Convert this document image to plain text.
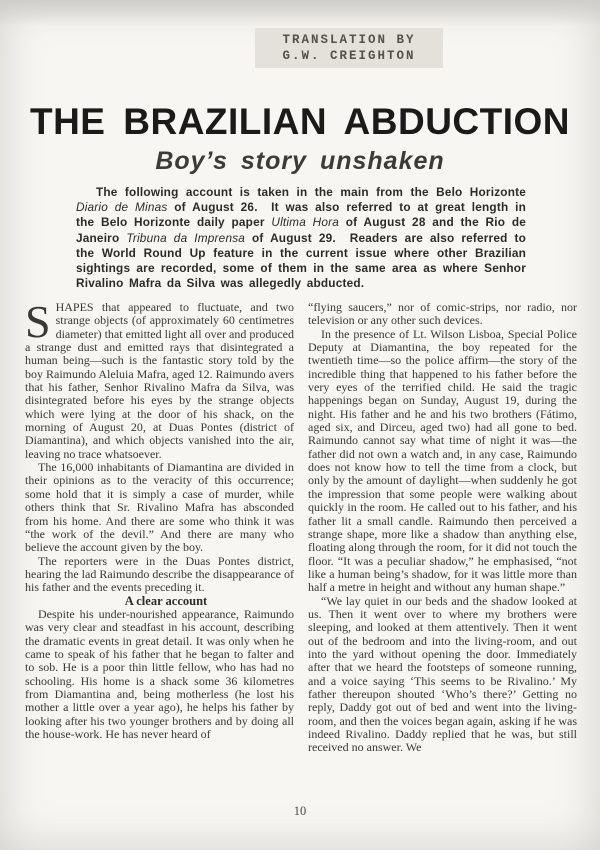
TRANSLATION BY
G.W. CREIGHTON
THE BRAZILIAN ABDUCTION
Boy’s story unshaken
The following account is taken in the main from the Belo Horizonte Diario de Minas of August 26.  It was also referred to at great length in the Belo Horizonte daily paper Ultima Hora of August 28 and the Rio de Janeiro Tribuna da Imprensa of August 29.  Readers are also referred to the World Round Up feature in the current issue where other Brazilian sightings are recorded, some of them in the same area as where Senhor Rivalino Mafra da Silva was allegedly abducted.

SHAPES that appeared to fluctuate, and two strange objects (of approximately 60 centimetres diameter) that emitted light all over and produced a strange dust and emitted rays that disintegrated a human being—such is the fantastic story told by the boy Raimundo Aleluia Mafra, aged 12. Raimundo avers that his father, Senhor Rivalino Mafra da Silva, was disintegrated before his eyes by the strange objects which were lying at the door of his shack, on the morning of August 20, at Duas Pontes (district of Diamantina), and which objects vanished into the air, leaving no trace whatsoever.

The 16,000 inhabitants of Diamantina are divided in their opinions as to the veracity of this occurrence; some hold that it is simply a case of murder, while others think that Sr. Rivalino Mafra has absconded from his home. And there are some who think it was “the work of the devil.” And there are many who believe the account given by the boy.

The reporters were in the Duas Pontes district, hearing the lad Raimundo describe the disappearance of his father and the events preceding it.

A clear account

Despite his under-nourished appearance, Raimundo was very clear and steadfast in his account, describing the dramatic events in great detail. It was only when he came to speak of his father that he began to falter and to sob. He is a poor thin little fellow, who has had no schooling. His home is a shack some 36 kilometres from Diamantina and, being motherless (he lost his mother a little over a year ago), he helps his father by looking after his two younger brothers and by doing all the house-work. He has never heard of

“flying saucers,” nor of comic-strips, nor radio, nor television or any other such devices.

In the presence of Lt. Wilson Lisboa, Special Police Deputy at Diamantina, the boy repeated for the twentieth time—so the police affirm—the story of the incredible thing that happened to his father before the very eyes of the terrified child. He said the tragic happenings began on Sunday, August 19, during the night. His father and he and his two brothers (Fátimo, aged six, and Dirceu, aged two) had all gone to bed. Raimundo cannot say what time of night it was—the father did not own a watch and, in any case, Raimundo does not know how to tell the time from a clock, but only by the amount of daylight—when suddenly he got the impression that some people were walking about quickly in the room. He called out to his father, and his father lit a small candle. Raimundo then perceived a strange shape, more like a shadow than anything else, floating along through the room, for it did not touch the floor. “It was a peculiar shadow,” he emphasised, “not like a human being’s shadow, for it was little more than half a metre in height and without any human shape.”

“We lay quiet in our beds and the shadow looked at us. Then it went over to where my brothers were sleeping, and looked at them attentively. Then it went out of the bedroom and into the living-room, and out into the yard without opening the door. Immediately after that we heard the footsteps of someone running, and a voice saying ‘This seems to be Rivalino.’ My father thereupon shouted ‘Who’s there?’ Getting no reply, Daddy got out of bed and went into the living-room, and then the voices began again, asking if he was indeed Rivalino. Daddy replied that he was, but still received no answer. We

10
